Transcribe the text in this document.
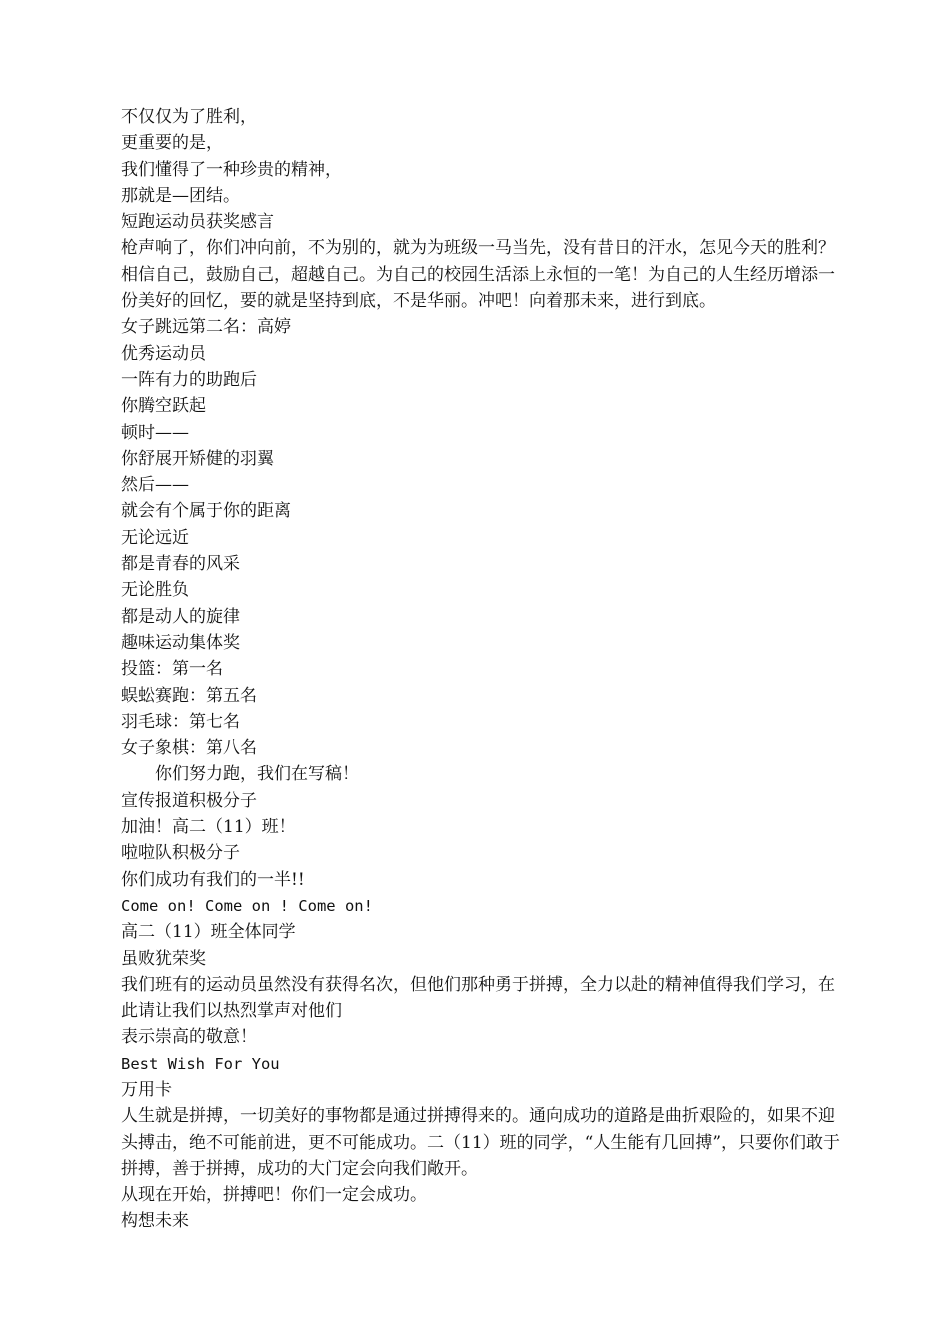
不仅仅为了胜利，

更重要的是，

我们懂得了一种珍贵的精神，

那就是—团结。

短跑运动员获奖感言

枪声响了，你们冲向前，不为别的，就为为班级一马当先，没有昔日的汗水，怎见今天的胜利？相信自己，鼓励自己，超越自己。为自己的校园生活添上永恒的一笔！为自己的人生经历增添一份美好的回忆，要的就是坚持到底，不是华丽。冲吧！向着那未来，进行到底。

女子跳远第二名：高婷

优秀运动员

一阵有力的助跑后

你腾空跃起

顿时——

你舒展开矫健的羽翼

然后——

就会有个属于你的距离

无论远近

都是青春的风采

无论胜负

都是动人的旋律

趣味运动集体奖

投篮：第一名

蜈蚣赛跑：第五名

羽毛球：第七名

女子象棋：第八名

你们努力跑，我们在写稿！

宣传报道积极分子

加油！高二（11）班！

啦啦队积极分子

你们成功有我们的一半!!

Come on! Come on ! Come on!

高二（11）班全体同学

虽败犹荣奖

我们班有的运动员虽然没有获得名次，但他们那种勇于拼搏，全力以赴的精神值得我们学习，在此请让我们以热烈掌声对他们

表示崇高的敬意！

Best Wish For You

万用卡

人生就是拼搏，一切美好的事物都是通过拼搏得来的。通向成功的道路是曲折艰险的，如果不迎头搏击，绝不可能前进，更不可能成功。二（11）班的同学，“人生能有几回搏”，只要你们敢于拼搏，善于拼搏，成功的大门定会向我们敞开。

从现在开始，拼搏吧！你们一定会成功。

构想未来
